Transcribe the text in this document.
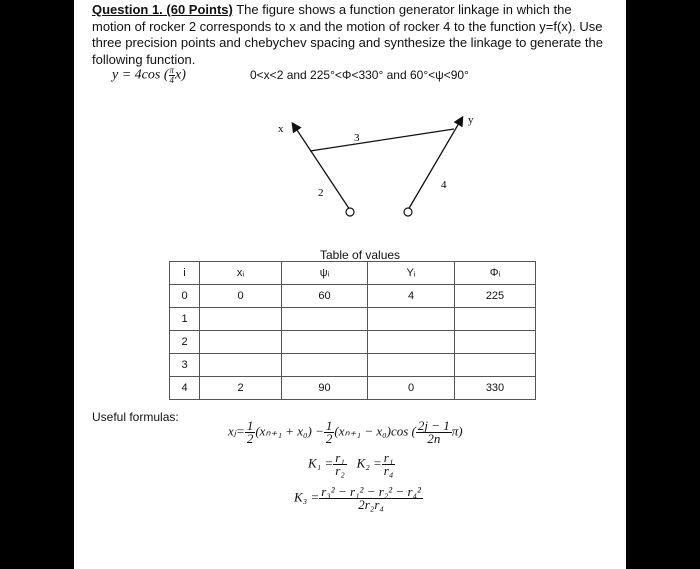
Question 1. (60 Points) The figure shows a function generator linkage in which the motion of rocker 2 corresponds to x and the motion of rocker 4 to the function y=f(x). Use three precision points and chebychev spacing and synthesize the linkage to generate the following function.
y = 4cos ( $\frac{\pi}{4} x$)	0<x<2 and 225°<Φ<330° and 60°<ψ<90°
x
y
2
3
4
Table of values
i	xᵢ	ψᵢ	Yᵢ	Φᵢ
0	0	60	4	225
1				
2				
3				
4	2	90	0	330
Useful formulas:
xⱼ= $\frac{1}{2} (x_{n+1} + x_0) - \frac{1}{2} (x_{n+1} - x_0)\cos$ ( $\frac{2j - 1}{2n} \pi$)
$K_1 = \frac{\text{r₁}}{\text{r₂}} K_2 = \frac{\text{r₁}}{\text{r₄}}$
$K_3 = \frac{\text{r₃² − r₁² − r₂² − r₄²}}{\text{2r₂r₄}}$
